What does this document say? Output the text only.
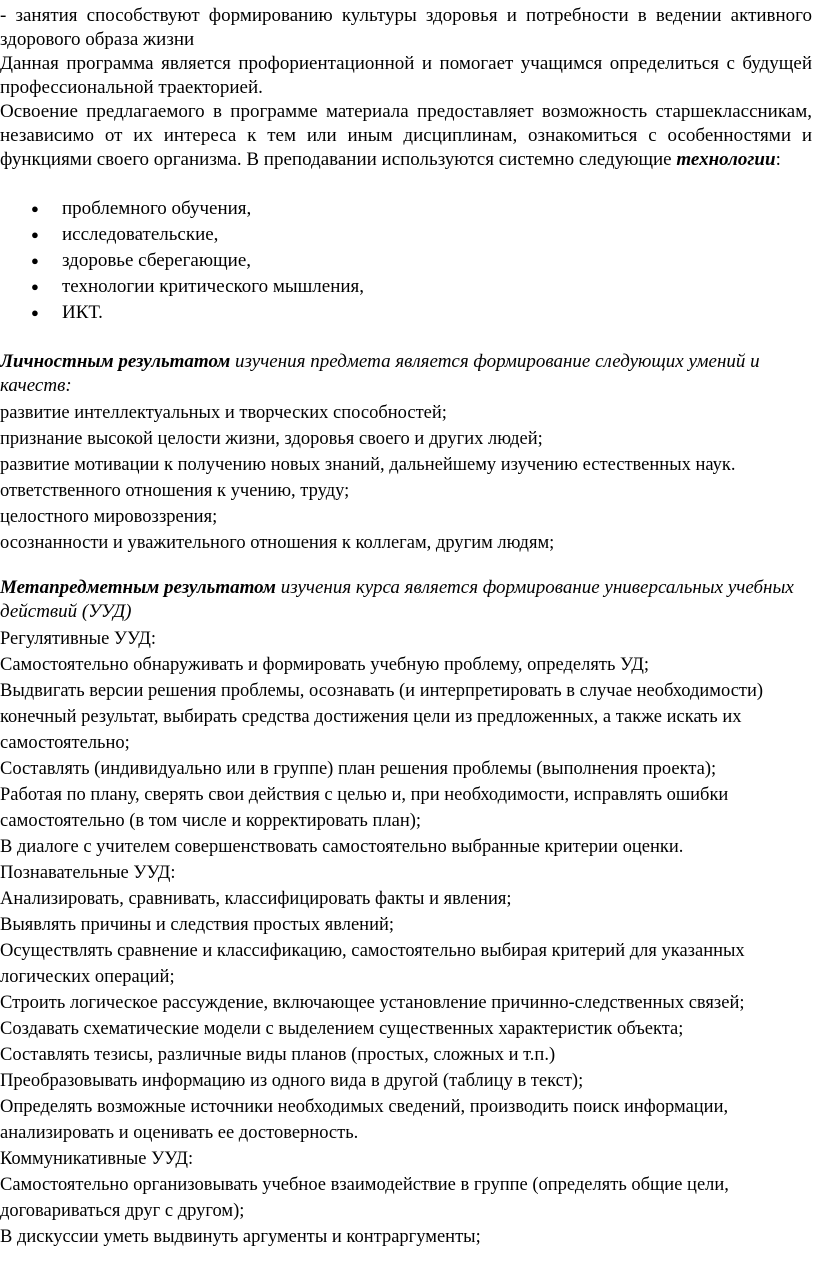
- занятия способствуют формированию культуры здоровья и потребности в ведении активного здорового образа жизни

Данная программа является профориентационной и помогает учащимся определиться с будущей профессиональной траекторией.

Освоение предлагаемого в программе материала предоставляет возможность старшеклассникам, независимо от их интереса к тем или иным дисциплинам, ознакомиться с особенностями и функциями своего организма. В преподавании используются системно следующие технологии:

● проблемного обучения,
● исследовательские,
● здоровье сберегающие,
● технологии критического мышления,
● ИКТ.

Личностным результатом изучения предмета является формирование следующих умений и качеств:

развитие интеллектуальных и творческих способностей;

признание высокой целости жизни, здоровья своего и других людей;

развитие мотивации к получению новых знаний, дальнейшему изучению естественных наук.

ответственного отношения к учению, труду;

целостного мировоззрения;

осознанности и уважительного отношения к коллегам, другим людям;

Метапредметным результатом изучения курса является формирование универсальных учебных действий (УУД)

Регулятивные УУД:

Самостоятельно обнаруживать и формировать учебную проблему, определять УД;

Выдвигать версии решения проблемы, осознавать (и интерпретировать в случае необходимости) конечный результат, выбирать средства достижения цели из предложенных, а также искать их самостоятельно;

Составлять (индивидуально или в группе) план решения проблемы (выполнения проекта);

Работая по плану, сверять свои действия с целью и, при необходимости, исправлять ошибки самостоятельно (в том числе и корректировать план);

В диалоге с учителем совершенствовать самостоятельно выбранные критерии оценки.

Познавательные УУД:

Анализировать, сравнивать, классифицировать факты и явления;

Выявлять причины и следствия простых явлений;

Осуществлять сравнение и классификацию, самостоятельно выбирая критерий для указанных логических операций;

Строить логическое рассуждение, включающее установление причинно-следственных связей;

Создавать схематические модели с выделением существенных характеристик объекта;

Составлять тезисы, различные виды планов (простых, сложных и т.п.)

Преобразовывать информацию из одного вида в другой (таблицу в текст);

Определять возможные источники необходимых сведений, производить поиск информации, анализировать и оценивать ее достоверность.

Коммуникативные УУД:

Самостоятельно организовывать учебное взаимодействие в группе (определять общие цели, договариваться друг с другом);

В дискуссии уметь выдвинуть аргументы и контраргументы;
